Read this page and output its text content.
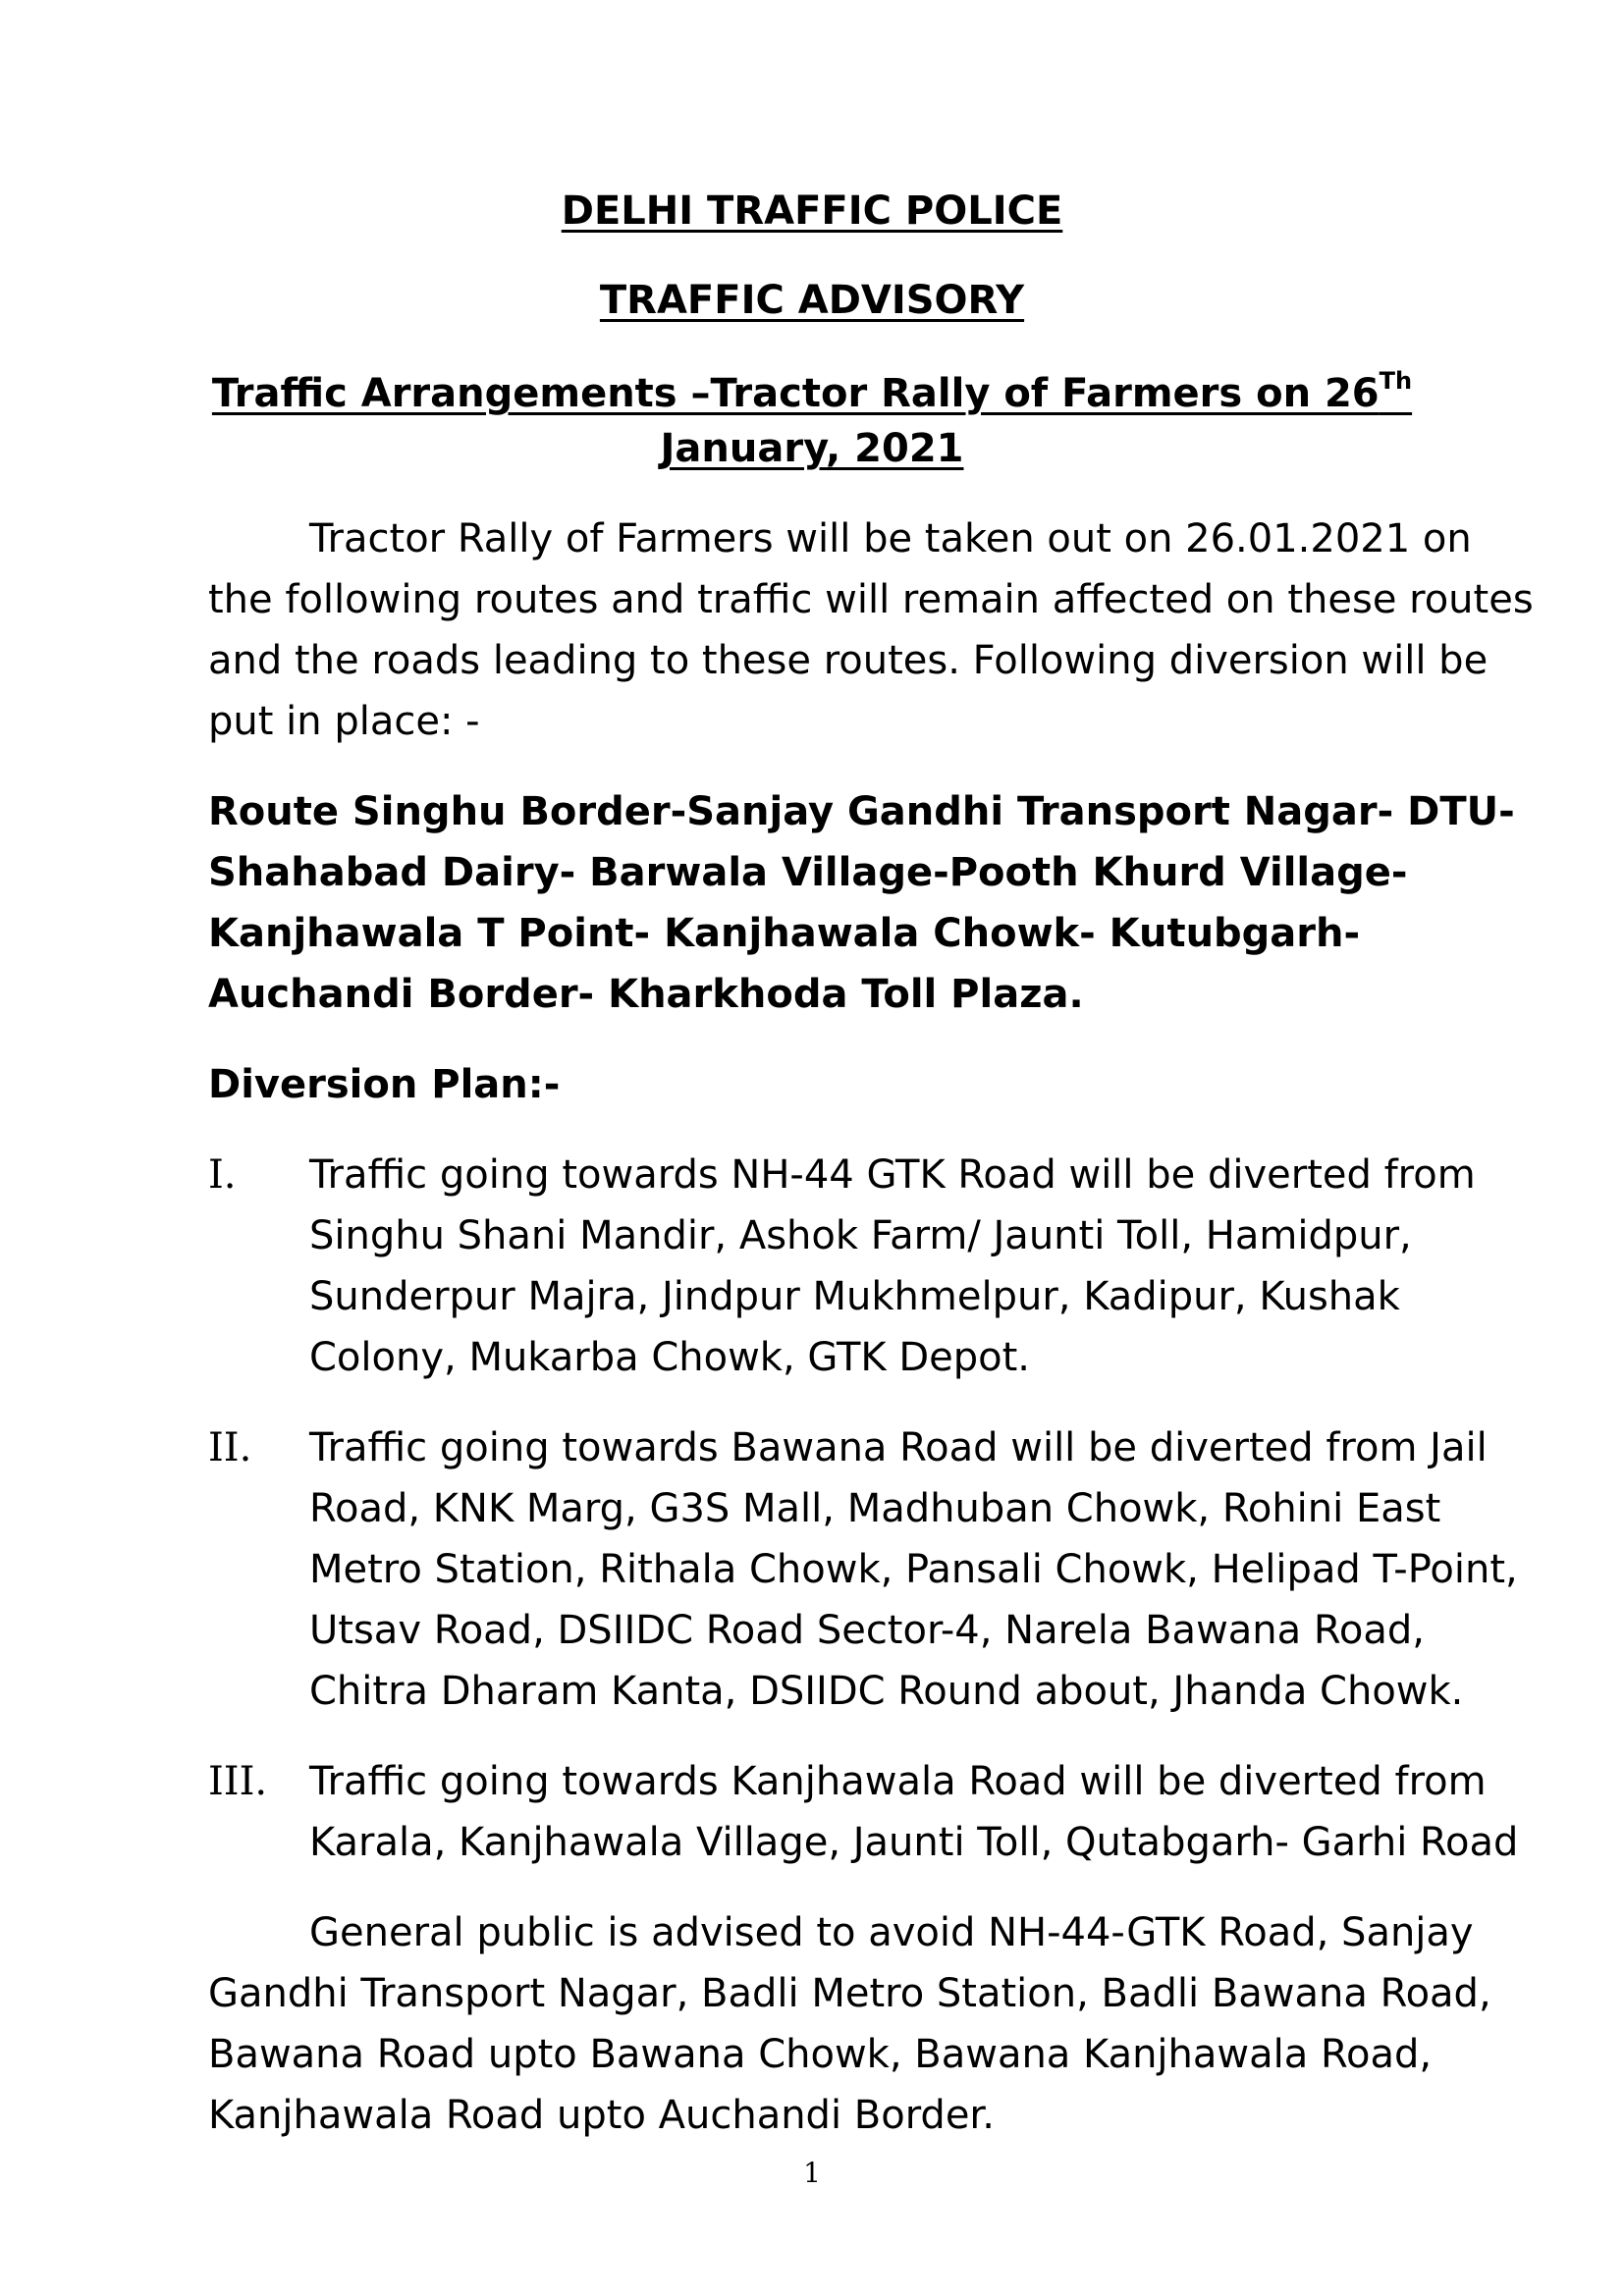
DELHI TRAFFIC POLICE
TRAFFIC ADVISORY
Traffic Arrangements –Tractor Rally of Farmers on 26Th
January, 2021
Tractor Rally of Farmers will be taken out on 26.01.2021 on
the following routes and traffic will remain affected on these routes
and the roads leading to these routes. Following diversion will be
put in place: -
Route Singhu Border-Sanjay Gandhi Transport Nagar- DTU-
Shahabad Dairy- Barwala Village-Pooth Khurd Village-
Kanjhawala T Point- Kanjhawala Chowk- Kutubgarh-
Auchandi Border- Kharkhoda Toll Plaza.
Diversion Plan:-
I. Traffic going towards NH-44 GTK Road will be diverted from
Singhu Shani Mandir, Ashok Farm/ Jaunti Toll, Hamidpur,
Sunderpur Majra, Jindpur Mukhmelpur, Kadipur, Kushak
Colony, Mukarba Chowk, GTK Depot.
II. Traffic going towards Bawana Road will be diverted from Jail
Road, KNK Marg, G3S Mall, Madhuban Chowk, Rohini East
Metro Station, Rithala Chowk, Pansali Chowk, Helipad T-Point,
Utsav Road, DSIIDC Road Sector-4, Narela Bawana Road,
Chitra Dharam Kanta, DSIIDC Round about, Jhanda Chowk.
III. Traffic going towards Kanjhawala Road will be diverted from
Karala, Kanjhawala Village, Jaunti Toll, Qutabgarh- Garhi Road
General public is advised to avoid NH-44-GTK Road, Sanjay
Gandhi Transport Nagar, Badli Metro Station, Badli Bawana Road,
Bawana Road upto Bawana Chowk, Bawana Kanjhawala Road,
Kanjhawala Road upto Auchandi Border.
1
